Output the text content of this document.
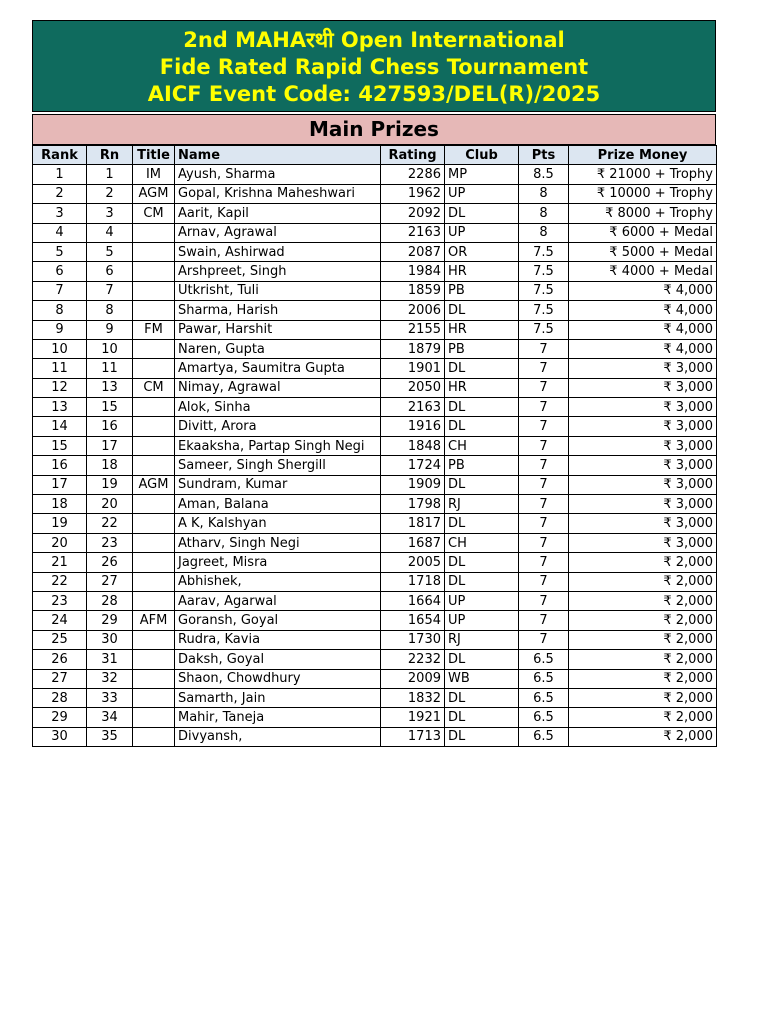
2nd MAHAरथी Open International
Fide Rated Rapid Chess Tournament
AICF Event Code: 427593/DEL(R)/2025
Main Prizes
Rank	Rn	Title	Name	Rating	Club	Pts	Prize Money
1	1	IM	Ayush, Sharma	2286	MP	8.5	₹ 21000 + Trophy
2	2	AGM	Gopal, Krishna Maheshwari	1962	UP	8	₹ 10000 + Trophy
3	3	CM	Aarit, Kapil	2092	DL	8	₹ 8000 + Trophy
4	4		Arnav, Agrawal	2163	UP	8	₹ 6000 + Medal
5	5		Swain, Ashirwad	2087	OR	7.5	₹ 5000 + Medal
6	6		Arshpreet, Singh	1984	HR	7.5	₹ 4000 + Medal
7	7		Utkrisht, Tuli	1859	PB	7.5	₹ 4,000
8	8		Sharma, Harish	2006	DL	7.5	₹ 4,000
9	9	FM	Pawar, Harshit	2155	HR	7.5	₹ 4,000
10	10		Naren, Gupta	1879	PB	7	₹ 4,000
11	11		Amartya, Saumitra Gupta	1901	DL	7	₹ 3,000
12	13	CM	Nimay, Agrawal	2050	HR	7	₹ 3,000
13	15		Alok, Sinha	2163	DL	7	₹ 3,000
14	16		Divitt, Arora	1916	DL	7	₹ 3,000
15	17		Ekaaksha, Partap Singh Negi	1848	CH	7	₹ 3,000
16	18		Sameer, Singh Shergill	1724	PB	7	₹ 3,000
17	19	AGM	Sundram, Kumar	1909	DL	7	₹ 3,000
18	20		Aman, Balana	1798	RJ	7	₹ 3,000
19	22		A K, Kalshyan	1817	DL	7	₹ 3,000
20	23		Atharv, Singh Negi	1687	CH	7	₹ 3,000
21	26		Jagreet, Misra	2005	DL	7	₹ 2,000
22	27		Abhishek,	1718	DL	7	₹ 2,000
23	28		Aarav, Agarwal	1664	UP	7	₹ 2,000
24	29	AFM	Goransh, Goyal	1654	UP	7	₹ 2,000
25	30		Rudra, Kavia	1730	RJ	7	₹ 2,000
26	31		Daksh, Goyal	2232	DL	6.5	₹ 2,000
27	32		Shaon, Chowdhury	2009	WB	6.5	₹ 2,000
28	33		Samarth, Jain	1832	DL	6.5	₹ 2,000
29	34		Mahir, Taneja	1921	DL	6.5	₹ 2,000
30	35		Divyansh,	1713	DL	6.5	₹ 2,000
